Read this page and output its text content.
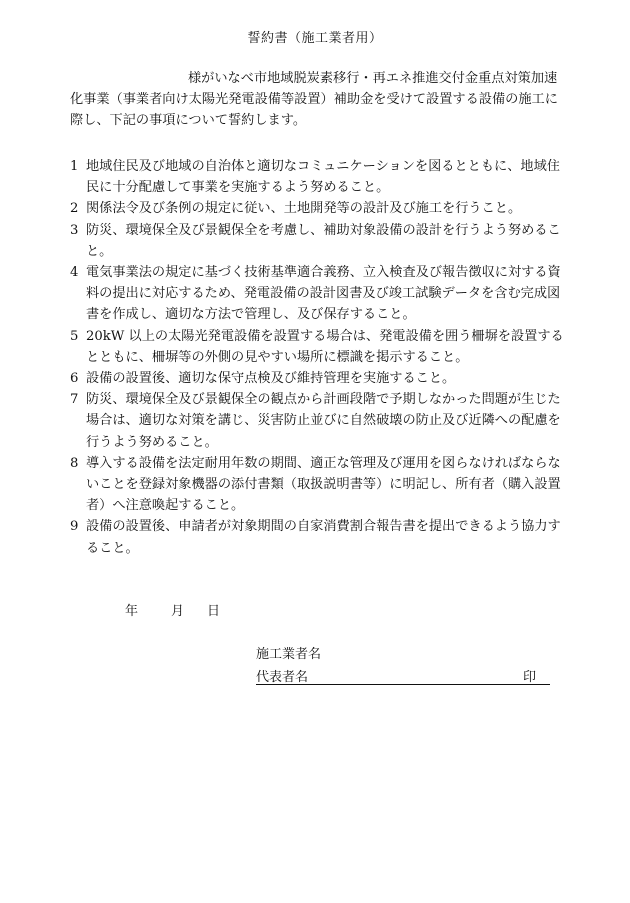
誓約書（施工業者用）
様がいなべ市地域脱炭素移行・再エネ推進交付金重点対策加速化事業（事業者向け太陽光発電設備等設置）補助金を受けて設置する設備の施工に際し、下記の事項について誓約します。
1 地域住民及び地域の自治体と適切なコミュニケーションを図るとともに、地域住民に十分配慮して事業を実施するよう努めること。
2 関係法令及び条例の規定に従い、土地開発等の設計及び施工を行うこと。
3 防災、環境保全及び景観保全を考慮し、補助対象設備の設計を行うよう努めること。
4 電気事業法の規定に基づく技術基準適合義務、立入検査及び報告徴収に対する資料の提出に対応するため、発電設備の設計図書及び竣工試験データを含む完成図書を作成し、適切な方法で管理し、及び保存すること。
5 20kW 以上の太陽光発電設備を設置する場合は、発電設備を囲う柵塀を設置するとともに、柵塀等の外側の見やすい場所に標識を掲示すること。
6 設備の設置後、適切な保守点検及び維持管理を実施すること。
7 防災、環境保全及び景観保全の観点から計画段階で予期しなかった問題が生じた場合は、適切な対策を講じ、災害防止並びに自然破壊の防止及び近隣への配慮を行うよう努めること。
8 導入する設備を法定耐用年数の期間、適正な管理及び運用を図らなければならないことを登録対象機器の添付書類（取扱説明書等）に明記し、所有者（購入設置者）へ注意喚起すること。
9 設備の設置後、申請者が対象期間の自家消費割合報告書を提出できるよう協力すること。
年	月 日
施工業者名
代表者名	印
